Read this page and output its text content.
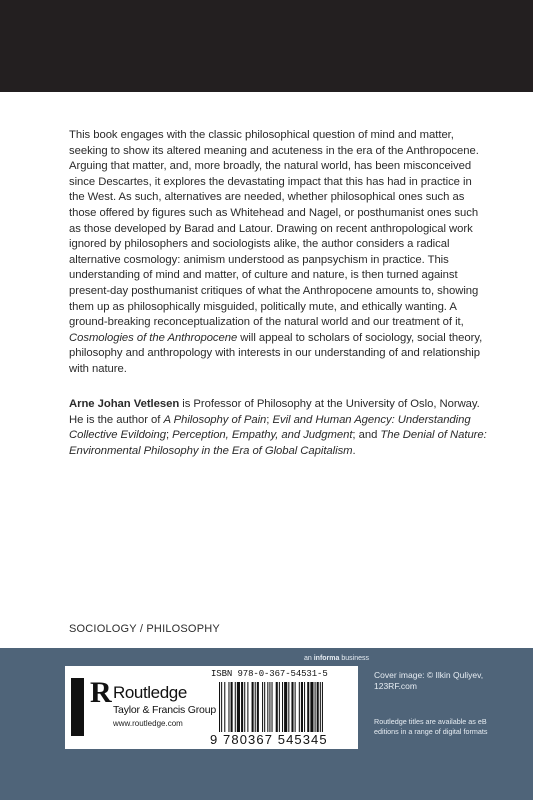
This book engages with the classic philosophical question of mind and matter, seeking to show its altered meaning and acuteness in the era of the Anthropocene. Arguing that matter, and, more broadly, the natural world, has been misconceived since Descartes, it explores the devastating impact that this has had in practice in the West. As such, alternatives are needed, whether philosophical ones such as those offered by figures such as Whitehead and Nagel, or posthumanist ones such as those developed by Barad and Latour. Drawing on recent anthropological work ignored by philosophers and sociologists alike, the author considers a radical alternative cosmology: animism understood as panpsychism in practice. This understanding of mind and matter, of culture and nature, is then turned against present-day posthumanist critiques of what the Anthropocene amounts to, showing them up as philosophically misguided, politically mute, and ethically wanting. A ground-breaking reconceptualization of the natural world and our treatment of it, Cosmologies of the Anthropocene will appeal to scholars of sociology, social theory, philosophy and anthropology with interests in our understanding of and relationship with nature.

Arne Johan Vetlesen is Professor of Philosophy at the University of Oslo, Norway. He is the author of A Philosophy of Pain; Evil and Human Agency: Understanding Collective Evildoing; Perception, Empathy, and Judgment; and The Denial of Nature: Environmental Philosophy in the Era of Global Capitalism.

SOCIOLOGY / PHILOSOPHY
an informa business
R Routledge
Taylor & Francis Group
www.routledge.com
ISBN 978-0-367-54531-5
9 780367 545345
Cover image: © Ilkin Quliyev,
123RF.com
Routledge titles are available as eB
editions in a range of digital formats
